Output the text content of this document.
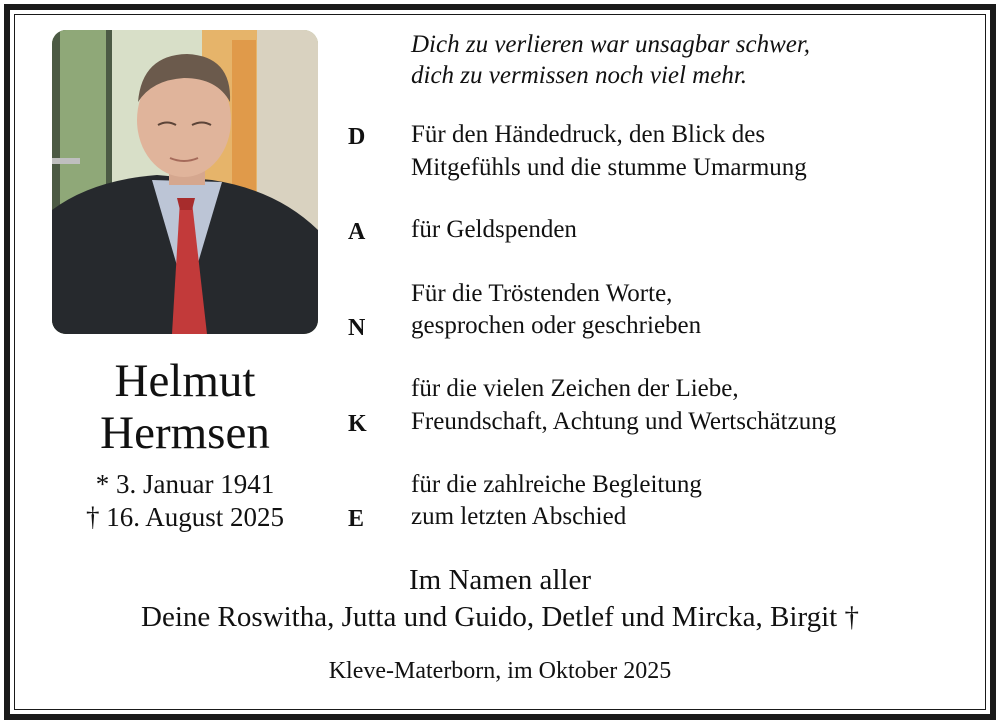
Helmut
Hermsen
* 3. Januar 1941
† 16. August 2025
Dich zu verlieren war unsagbar schwer,
dich zu vermissen noch viel mehr.
D Für den Händedruck, den Blick des
Mitgefühls und die stumme Umarmung
A für Geldspenden
N
Für die Tröstenden Worte,
gesprochen oder geschrieben
K
für die vielen Zeichen der Liebe,
Freundschaft, Achtung und Wertschätzung
E
für die zahlreiche Begleitung
zum letzten Abschied
Im Namen aller
Deine Roswitha, Jutta und Guido, Detlef und Mircka, Birgit †
Kleve-Materborn, im Oktober 2025
